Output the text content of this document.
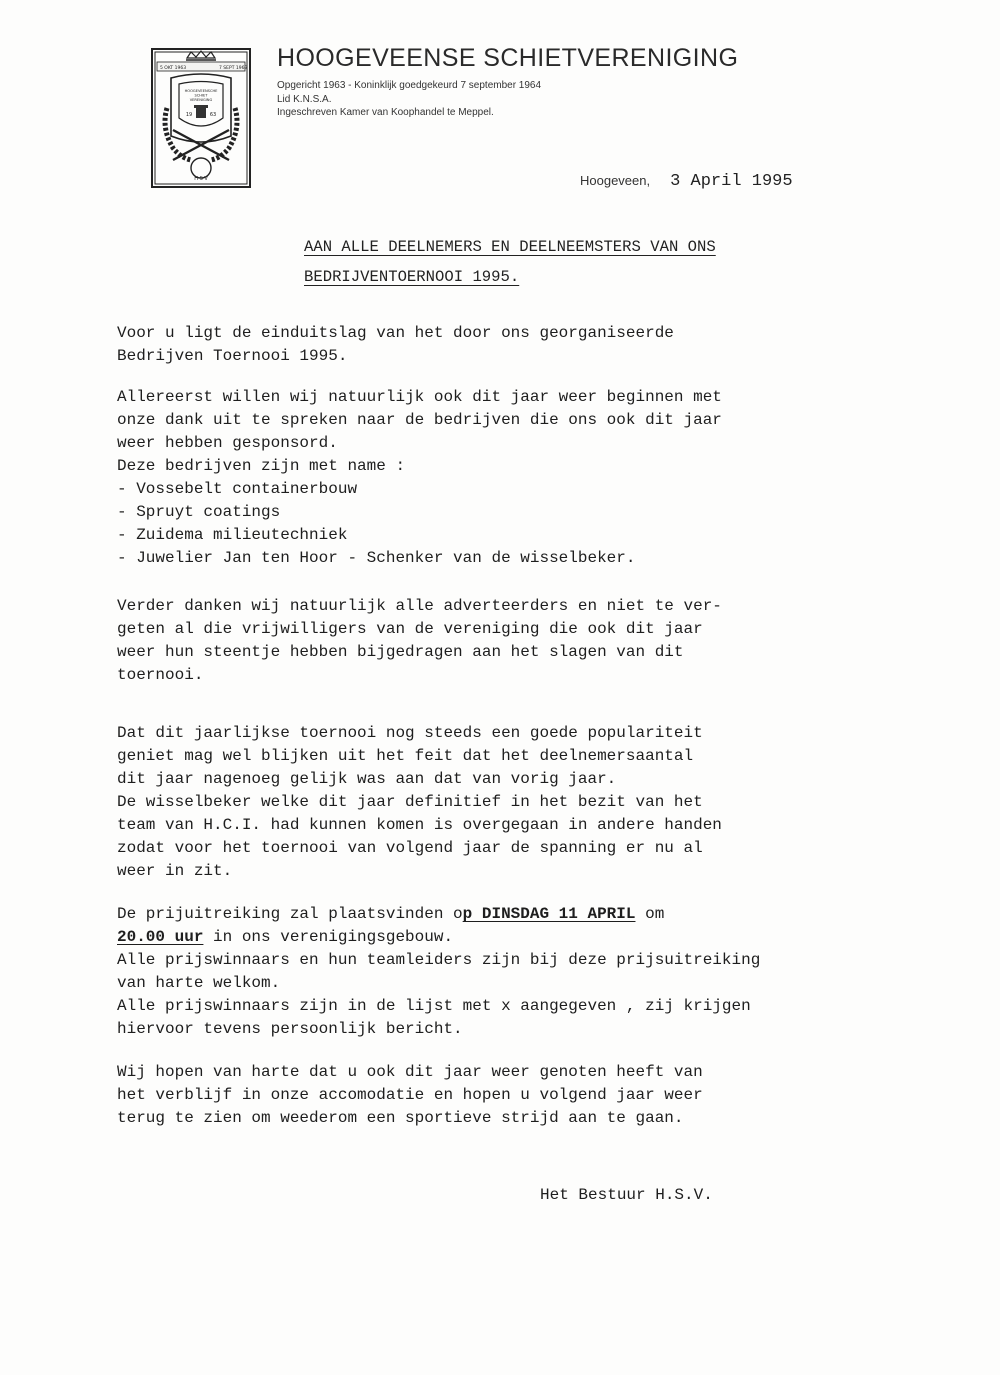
5 OKT 1963	7 SEPT 1963
HOOGEVEENSCHE
SCHIET
VERENIGING
19	63
H S V
HOOGEVEENSE SCHIETVERENIGING
Opgericht 1963 - Koninklijk goedgekeurd 7 september 1964
Lid K.N.S.A.
Ingeschreven Kamer van Koophandel te Meppel.
Hoogeveen, 3 April 1995
AAN ALLE DEELNEMERS EN DEELNEEMSTERS VAN ONS
BEDRIJVENTOERNOOI 1995.
Voor u ligt de einduitslag van het door ons georganiseerde
Bedrijven Toernooi 1995.
Allereerst willen wij natuurlijk ook dit jaar weer beginnen met
onze dank uit te spreken naar de bedrijven die ons ook dit jaar
weer hebben gesponsord.
Deze bedrijven zijn met name :
- Vossebelt containerbouw
- Spruyt coatings
- Zuidema milieutechniek
- Juwelier Jan ten Hoor - Schenker van de wisselbeker.
Verder danken wij natuurlijk alle adverteerders en niet te ver-
geten al die vrijwilligers van de vereniging die ook dit jaar
weer hun steentje hebben bijgedragen aan het slagen van dit
toernooi.
Dat dit jaarlijkse toernooi nog steeds een goede populariteit
geniet mag wel blijken uit het feit dat het deelnemersaantal
dit jaar nagenoeg gelijk was aan dat van vorig jaar.
De wisselbeker welke dit jaar definitief in het bezit van het
team van H.C.I. had kunnen komen is overgegaan in andere handen
zodat voor het toernooi van volgend jaar de spanning er nu al
weer in zit.
De prijuitreiking zal plaatsvinden op DINSDAG 11 APRIL om
20.00 uur in ons verenigingsgebouw.
Alle prijswinnaars en hun teamleiders zijn bij deze prijsuitreiking
van harte welkom.
Alle prijswinnaars zijn in de lijst met x aangegeven , zij krijgen
hiervoor tevens persoonlijk bericht.
Wij hopen van harte dat u ook dit jaar weer genoten heeft van
het verblijf in onze accomodatie en hopen u volgend jaar weer
terug te zien om weederom een sportieve strijd aan te gaan.
Het Bestuur H.S.V.
